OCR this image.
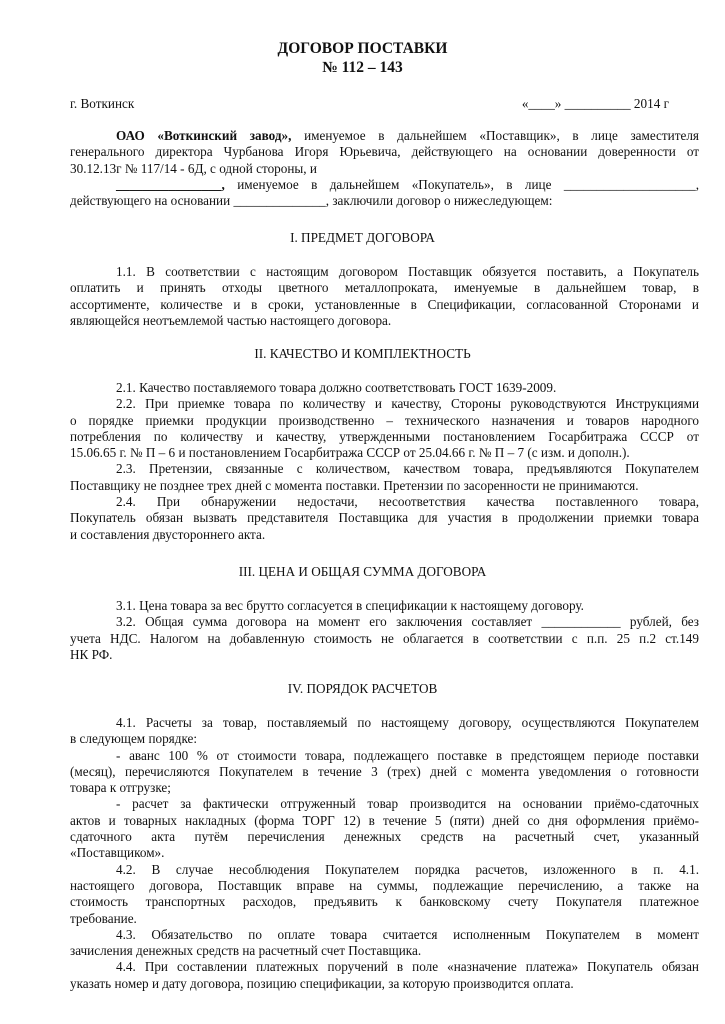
ДОГОВОР ПОСТАВКИ
№ 112 – 143
г. Воткинск	«____» __________ 2014 г
ОАО «Воткинский завод», именуемое в дальнейшем «Поставщик», в лице заместителя
генерального директора Чурбанова Игоря Юрьевича, действующего на основании доверенности от
30.12.13г № 117/14 - 6Д, с одной стороны, и
________________, именуемое в дальнейшем «Покупатель», в лице ____________________,
действующего на основании ______________, заключили договор о нижеследующем:
I. ПРЕДМЕТ ДОГОВОРА
1.1. В соответствии с настоящим договором Поставщик обязуется поставить, а Покупатель
оплатить и принять отходы цветного металлопроката, именуемые в дальнейшем товар, в
ассортименте, количестве и в сроки, установленные в Спецификации, согласованной Сторонами и
являющейся неотъемлемой частью настоящего договора.
II. КАЧЕСТВО И КОМПЛЕКТНОСТЬ
2.1. Качество поставляемого товара должно соответствовать ГОСТ 1639-2009.
2.2. При приемке товара по количеству и качеству, Стороны руководствуются Инструкциями
о порядке приемки продукции производственно – технического назначения и товаров народного
потребления по количеству и качеству, утвержденными постановлением Госарбитража СССР от
15.06.65 г. № П – 6 и постановлением Госарбитража СССР от 25.04.66 г. № П – 7 (с изм. и дополн.).
2.3. Претензии, связанные с количеством, качеством товара, предъявляются Покупателем
Поставщику не позднее трех дней с момента поставки. Претензии по засоренности не принимаются.
2.4. При обнаружении недостачи, несоответствия качества поставленного товара,
Покупатель обязан вызвать представителя Поставщика для участия в продолжении приемки товара
и составления двустороннего акта.
III. ЦЕНА И ОБЩАЯ СУММА ДОГОВОРА
3.1. Цена товара за вес брутто согласуется в спецификации к настоящему договору.
3.2. Общая сумма договора на момент его заключения составляет ____________ рублей, без
учета НДС. Налогом на добавленную стоимость не облагается в соответствии с п.п. 25 п.2 ст.149
НК РФ.
IV. ПОРЯДОК РАСЧЕТОВ
4.1. Расчеты за товар, поставляемый по настоящему договору, осуществляются Покупателем
в следующем порядке:
- аванс 100 % от стоимости товара, подлежащего поставке в предстоящем периоде поставки
(месяц), перечисляются Покупателем в течение 3 (трех) дней с момента уведомления о готовности
товара к отгрузке;
- расчет за фактически отгруженный товар производится на основании приёмо-сдаточных
актов и товарных накладных (форма ТОРГ 12) в течение 5 (пяти) дней со дня оформления приёмо-
сдаточного акта путём перечисления денежных средств на расчетный счет, указанный
«Поставщиком».
4.2. В случае несоблюдения Покупателем порядка расчетов, изложенного в п. 4.1.
настоящего договора, Поставщик вправе на суммы, подлежащие перечислению, а также на
стоимость транспортных расходов, предъявить к банковскому счету Покупателя платежное
требование.
4.3. Обязательство по оплате товара считается исполненным Покупателем в момент
зачисления денежных средств на расчетный счет Поставщика.
4.4. При составлении платежных поручений в поле «назначение платежа» Покупатель обязан
указать номер и дату договора, позицию спецификации, за которую производится оплата.
